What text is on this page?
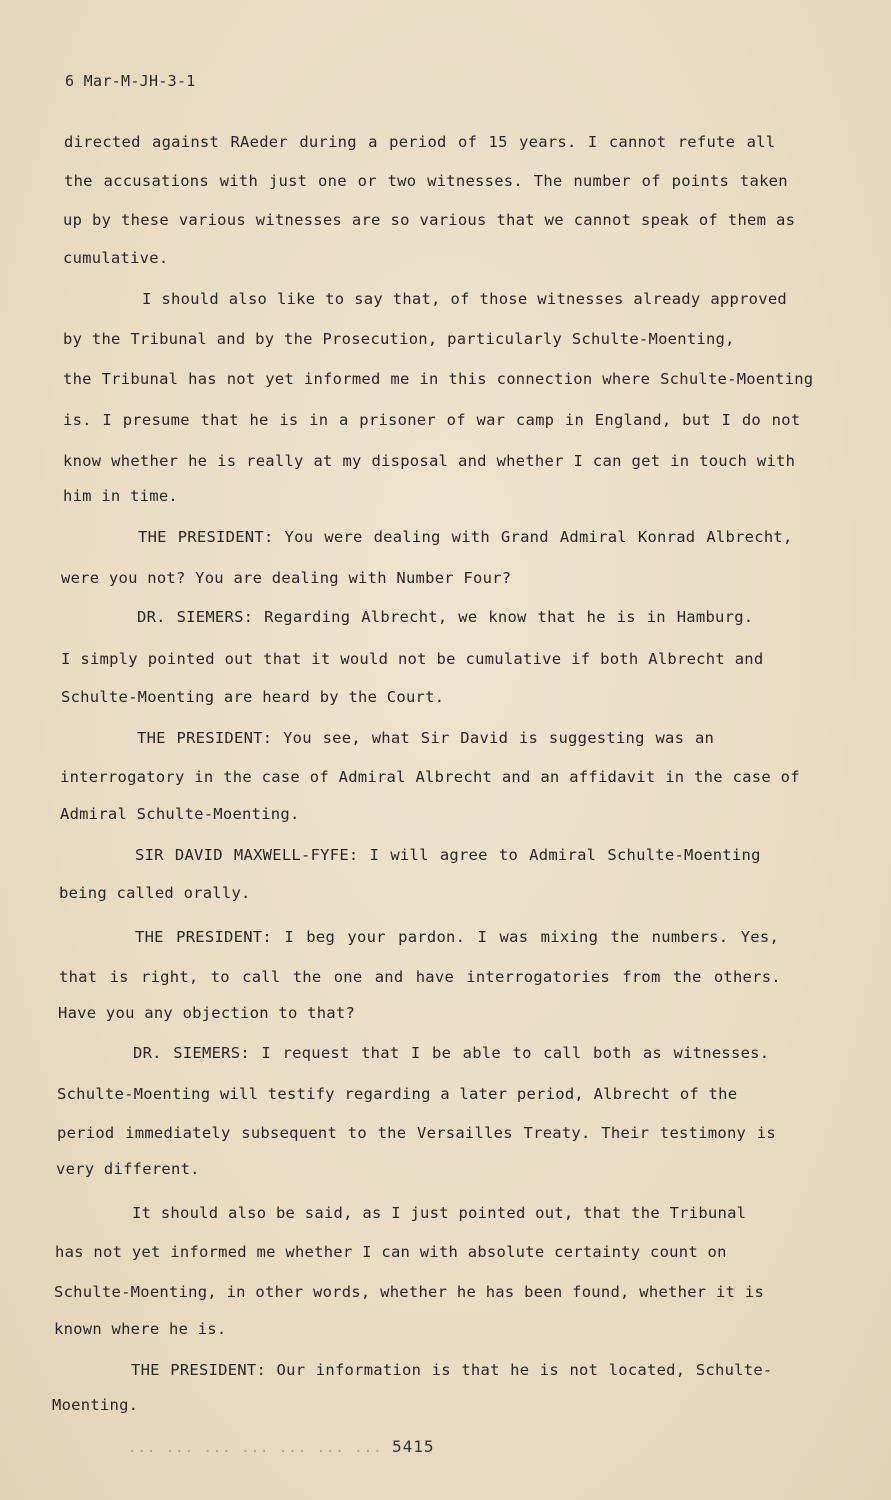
6 Mar-M-JH-3-1
directed against RAeder during a period of 15 years. I cannot refute all
the accusations with just one or two witnesses. The number of points taken
up by these various witnesses are so various that we cannot speak of them as
cumulative.
I should also like to say that, of those witnesses already approved
by the Tribunal and by the Prosecution, particularly Schulte-Moenting,
the Tribunal has not yet informed me in this connection where Schulte-Moenting
is. I presume that he is in a prisoner of war camp in England, but I do not
know whether he is really at my disposal and whether I can get in touch with
him in time.
THE PRESIDENT: You were dealing with Grand Admiral Konrad Albrecht,
were you not? You are dealing with Number Four?
DR. SIEMERS: Regarding Albrecht, we know that he is in Hamburg.
I simply pointed out that it would not be cumulative if both Albrecht and
Schulte-Moenting are heard by the Court.
THE PRESIDENT: You see, what Sir David is suggesting was an
interrogatory in the case of Admiral Albrecht and an affidavit in the case of
Admiral Schulte-Moenting.
SIR DAVID MAXWELL-FYFE: I will agree to Admiral Schulte-Moenting
being called orally.
THE PRESIDENT: I beg your pardon. I was mixing the numbers. Yes,
that is right, to call the one and have interrogatories from the others.
Have you any objection to that?
DR. SIEMERS: I request that I be able to call both as witnesses.
Schulte-Moenting will testify regarding a later period, Albrecht of the
period immediately subsequent to the Versailles Treaty. Their testimony is
very different.
It should also be said, as I just pointed out, that the Tribunal
has not yet informed me whether I can with absolute certainty count on
Schulte-Moenting, in other words, whether he has been found, whether it is
known where he is.
THE PRESIDENT: Our information is that he is not located, Schulte-
Moenting.
... ... ... ... ... ... ... 5415
